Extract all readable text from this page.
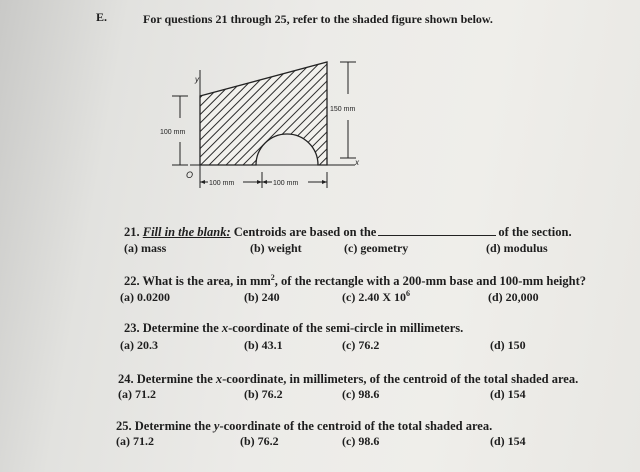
E.	For questions 21 through 25, refer to the shaded figure shown below.
y
x
O
100 mm
150 mm
100 mm	100 mm
21. Fill in the blank: Centroids are based on the	of the section.
(a) mass	(b) weight	(c) geometry	(d) modulus
22. What is the area, in $mm^2$, of the rectangle with a 200-mm base and 100-mm height?
(a) 0.0200	(b) 240	(c) 2.40 X $10^6$	(d) 20,000
23. Determine the x-coordinate of the semi-circle in millimeters.
(a) 20.3	(b) 43.1	(c) 76.2	(d) 150
24. Determine the x-coordinate, in millimeters, of the centroid of the total shaded area.
(a) 71.2	(b) 76.2	(c) 98.6	(d) 154
25. Determine the y-coordinate of the centroid of the total shaded area.
(a) 71.2	(b) 76.2	(c) 98.6	(d) 154
